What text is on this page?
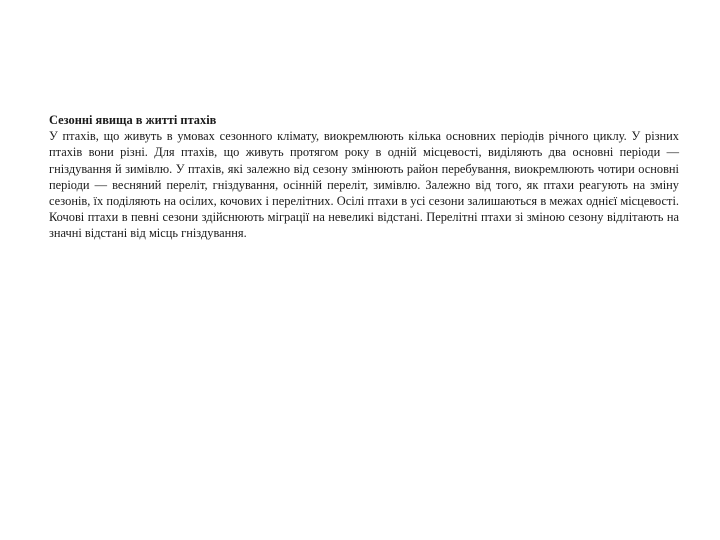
Сезонні явища в житті птахів

У птахів, що живуть в умовах сезонного клімату, виокремлюють кілька основних періодів річного циклу. У різних птахів вони різні. Для птахів, що живуть протягом року в одній місцевості, виділяють два основні періоди — гніздування й зимівлю. У птахів, які залежно від сезону змінюють район перебування, виокремлюють чотири основні періоди — весняний переліт, гніздування, осінній переліт, зимівлю. Залежно від того, як птахи реагують на зміну сезонів, їх поділяють на осілих, кочових і перелітних. Осілі птахи в усі сезони залишаються в межах однієї місцевості. Кочові птахи в певні сезони здійснюють міграції на невеликі відстані. Перелітні птахи зі зміною сезону відлітають на значні відстані від місць гніздування.
